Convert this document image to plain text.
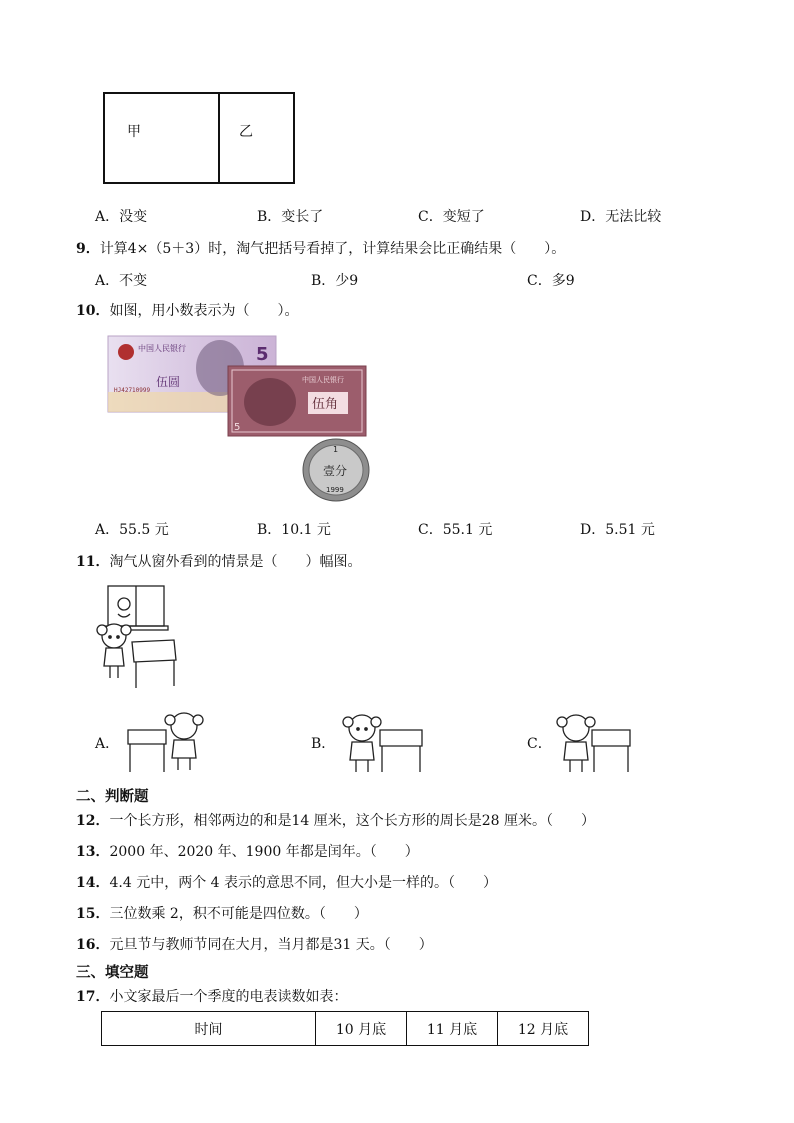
甲	乙
A．没变	B．变长了	C．变短了	D．无法比较
9．计算4×（5＋3）时，淘气把括号看掉了，计算结果会比正确结果（　　）。
A．不变	B．少9	C．多9
10．如图，用小数表示为（　　）。
中国人民银行	5
伍圆
HJ42710999
中国人民银行
伍角
5
1
壹分
1999
A．55.5 元	B．10.1 元	C．55.1 元	D．5.51 元
11．淘气从窗外看到的情景是（　　）幅图。
A．	B．	C．
二、判断题
12．一个长方形，相邻两边的和是14 厘米，这个长方形的周长是28 厘米。（　　）
13．2000 年、2020 年、1900 年都是闰年。（　　）
14．4.4 元中，两个 4 表示的意思不同，但大小是一样的。（　　）
15．三位数乘 2，积不可能是四位数。（　　）
16．元旦节与教师节同在大月，当月都是31 天。（　　）
三、填空题
17．小文家最后一个季度的电表读数如表：
时间	10 月底	11 月底	12 月底
